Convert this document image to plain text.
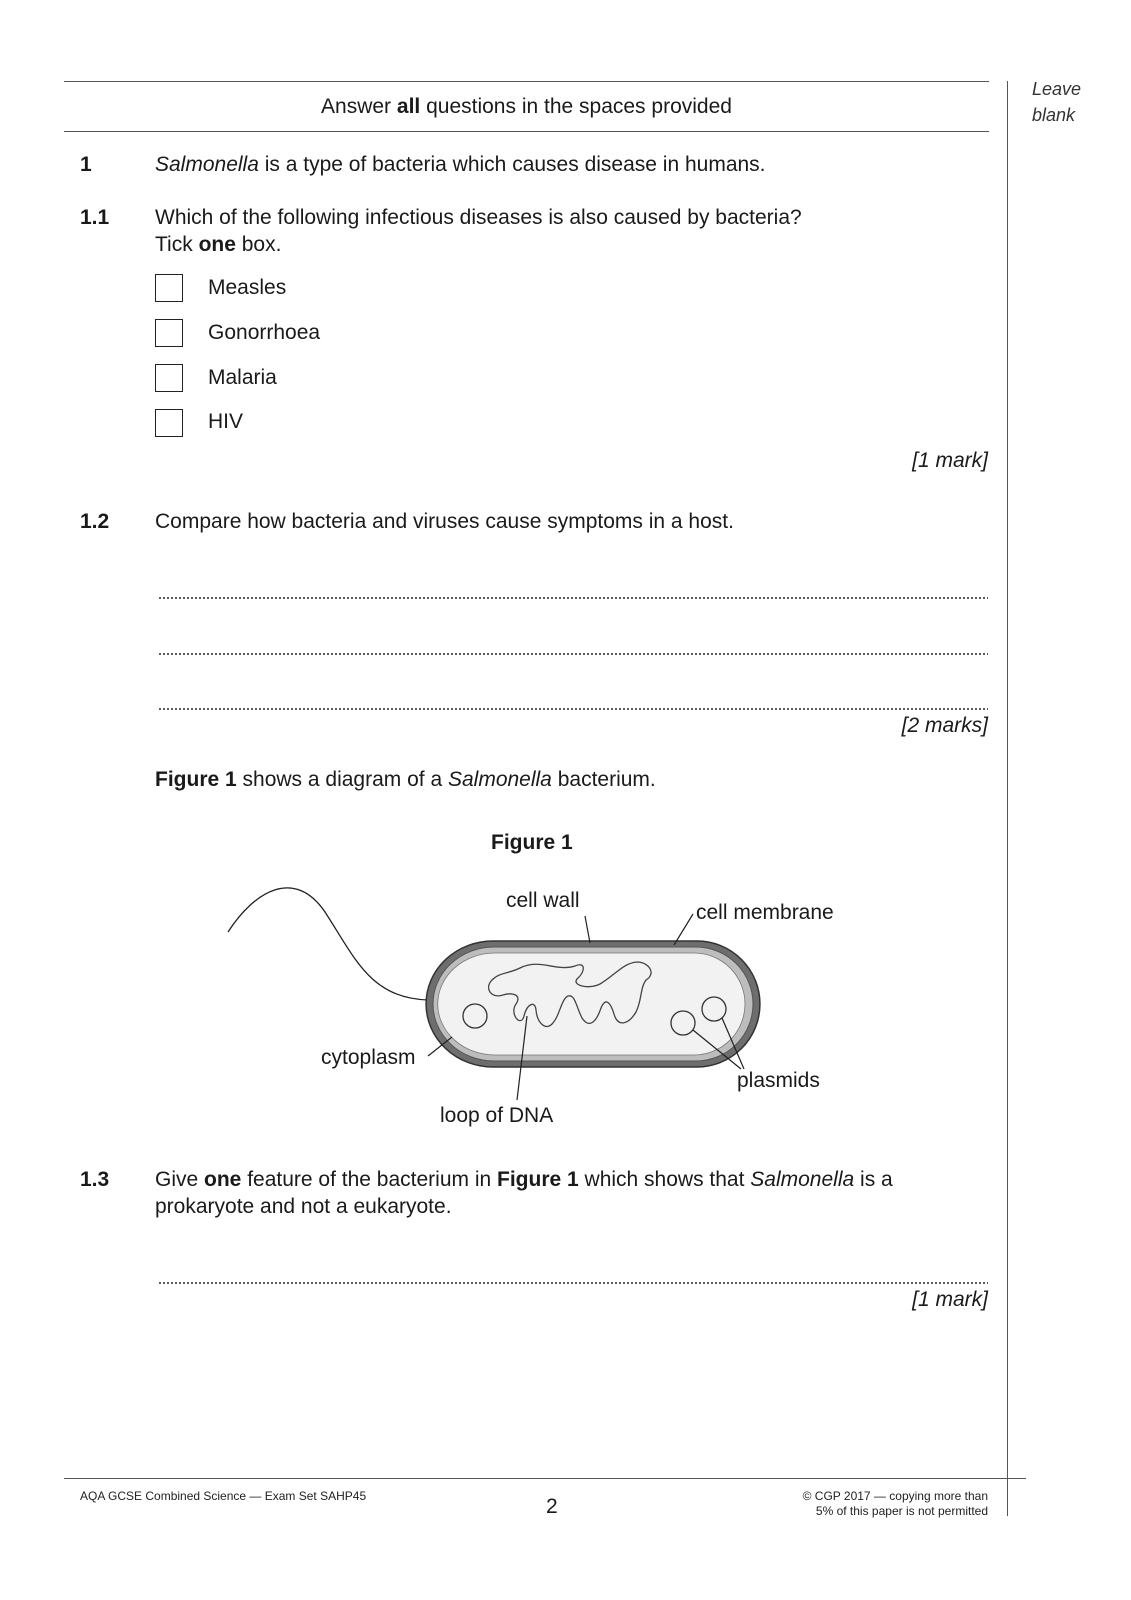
Leave
blank
Answer all questions in the spaces provided
1	Salmonella is a type of bacteria which causes disease in humans.
1.1 Which of the following infectious diseases is also caused by bacteria?
Tick one box.
Measles
Gonorrhoea
Malaria
HIV
[1 mark]
1.2 Compare how bacteria and viruses cause symptoms in a host.
[2 marks]
Figure 1 shows a diagram of a Salmonella bacterium.
Figure 1
cell wall
cell membrane
cytoplasm
plasmids
loop of DNA
1.3 Give one feature of the bacterium in Figure 1 which shows that Salmonella is a
prokaryote and not a eukaryote.
[1 mark]
AQA GCSE Combined Science — Exam Set SAHP45	2	© CGP 2017 — copying more than
5% of this paper is not permitted
